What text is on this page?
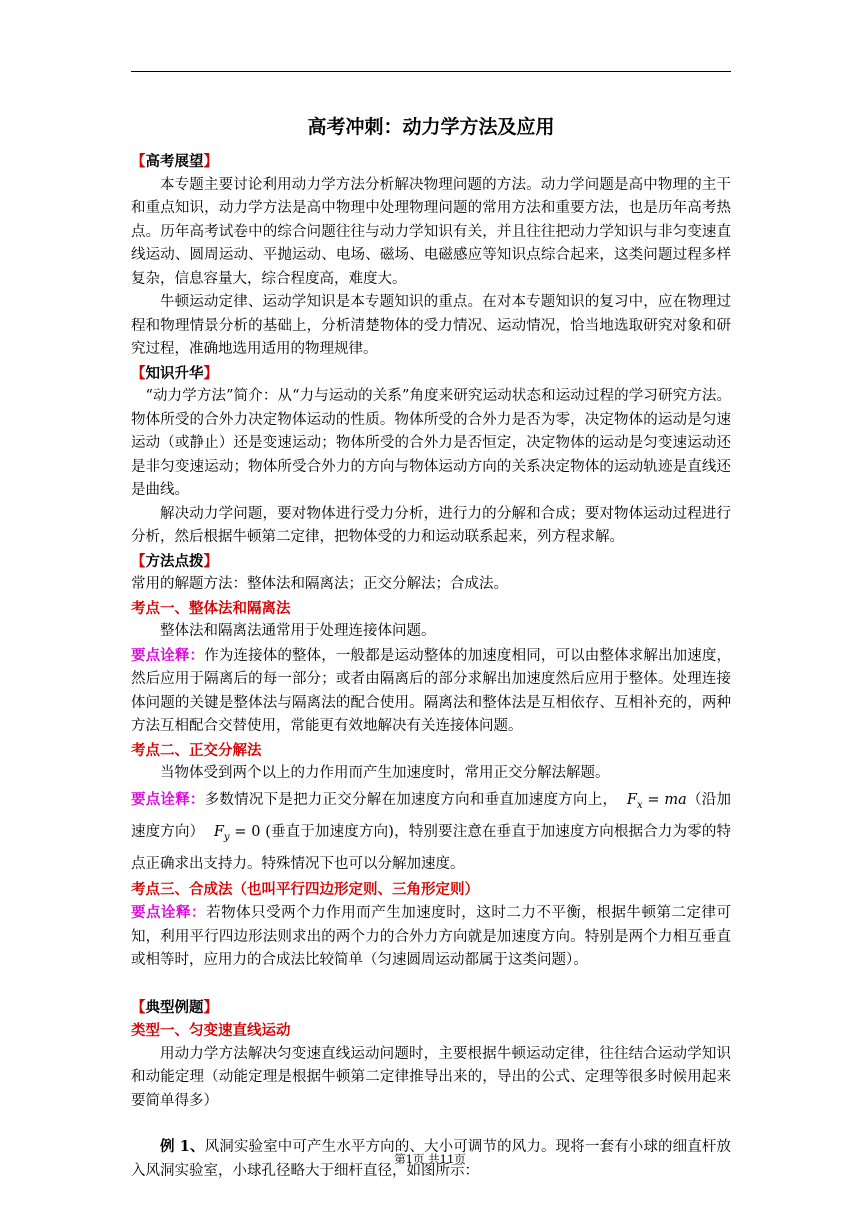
高考冲刺：动力学方法及应用
【高考展望】

本专题主要讨论利用动力学方法分析解决物理问题的方法。动力学问题是高中物理的主干和重点知识，动力学方法是高中物理中处理物理问题的常用方法和重要方法，也是历年高考热点。历年高考试卷中的综合问题往往与动力学知识有关，并且往往把动力学知识与非匀变速直线运动、圆周运动、平抛运动、电场、磁场、电磁感应等知识点综合起来，这类问题过程多样复杂，信息容量大，综合程度高，难度大。

牛顿运动定律、运动学知识是本专题知识的重点。在对本专题知识的复习中，应在物理过程和物理情景分析的基础上，分析清楚物体的受力情况、运动情况，恰当地选取研究对象和研究过程，准确地选用适用的物理规律。

【知识升华】

“动力学方法”简介：从“力与运动的关系”角度来研究运动状态和运动过程的学习研究方法。物体所受的合外力决定物体运动的性质。物体所受的合外力是否为零，决定物体的运动是匀速运动（或静止）还是变速运动；物体所受的合外力是否恒定，决定物体的运动是匀变速运动还是非匀变速运动；物体所受合外力的方向与物体运动方向的关系决定物体的运动轨迹是直线还是曲线。

解决动力学问题，要对物体进行受力分析，进行力的分解和合成；要对物体运动过程进行分析，然后根据牛顿第二定律，把物体受的力和运动联系起来，列方程求解。

【方法点拨】

常用的解题方法：整体法和隔离法；正交分解法；合成法。

考点一、整体法和隔离法

整体法和隔离法通常用于处理连接体问题。

要点诠释：作为连接体的整体，一般都是运动整体的加速度相同，可以由整体求解出加速度，然后应用于隔离后的每一部分；或者由隔离后的部分求解出加速度然后应用于整体。处理连接体问题的关键是整体法与隔离法的配合使用。隔离法和整体法是互相依存、互相补充的，两种方法互相配合交替使用，常能更有效地解决有关连接体问题。

考点二、正交分解法

当物体受到两个以上的力作用而产生加速度时，常用正交分解法解题。

要点诠释：多数情况下是把力正交分解在加速度方向和垂直加速度方向上， $F_x = ma$（沿加速度方向） $F_y = 0$ (垂直于加速度方向)，特别要注意在垂直于加速度方向根据合力为零的特点正确求出支持力。特殊情况下也可以分解加速度。

考点三、合成法（也叫平行四边形定则、三角形定则）

要点诠释：若物体只受两个力作用而产生加速度时，这时二力不平衡，根据牛顿第二定律可知，利用平行四边形法则求出的两个力的合外力方向就是加速度方向。特别是两个力相互垂直或相等时，应用力的合成法比较简单（匀速圆周运动都属于这类问题）。

【典型例题】
类型一、匀变速直线运动

用动力学方法解决匀变速直线运动问题时，主要根据牛顿运动定律，往往结合运动学知识和动能定理（动能定理是根据牛顿第二定律推导出来的，导出的公式、定理等很多时候用起来要简单得多）

例 1、风洞实验室中可产生水平方向的、大小可调节的风力。现将一套有小球的细直杆放入风洞实验室，小球孔径略大于细杆直径，如图所示：

第1页 共11页
